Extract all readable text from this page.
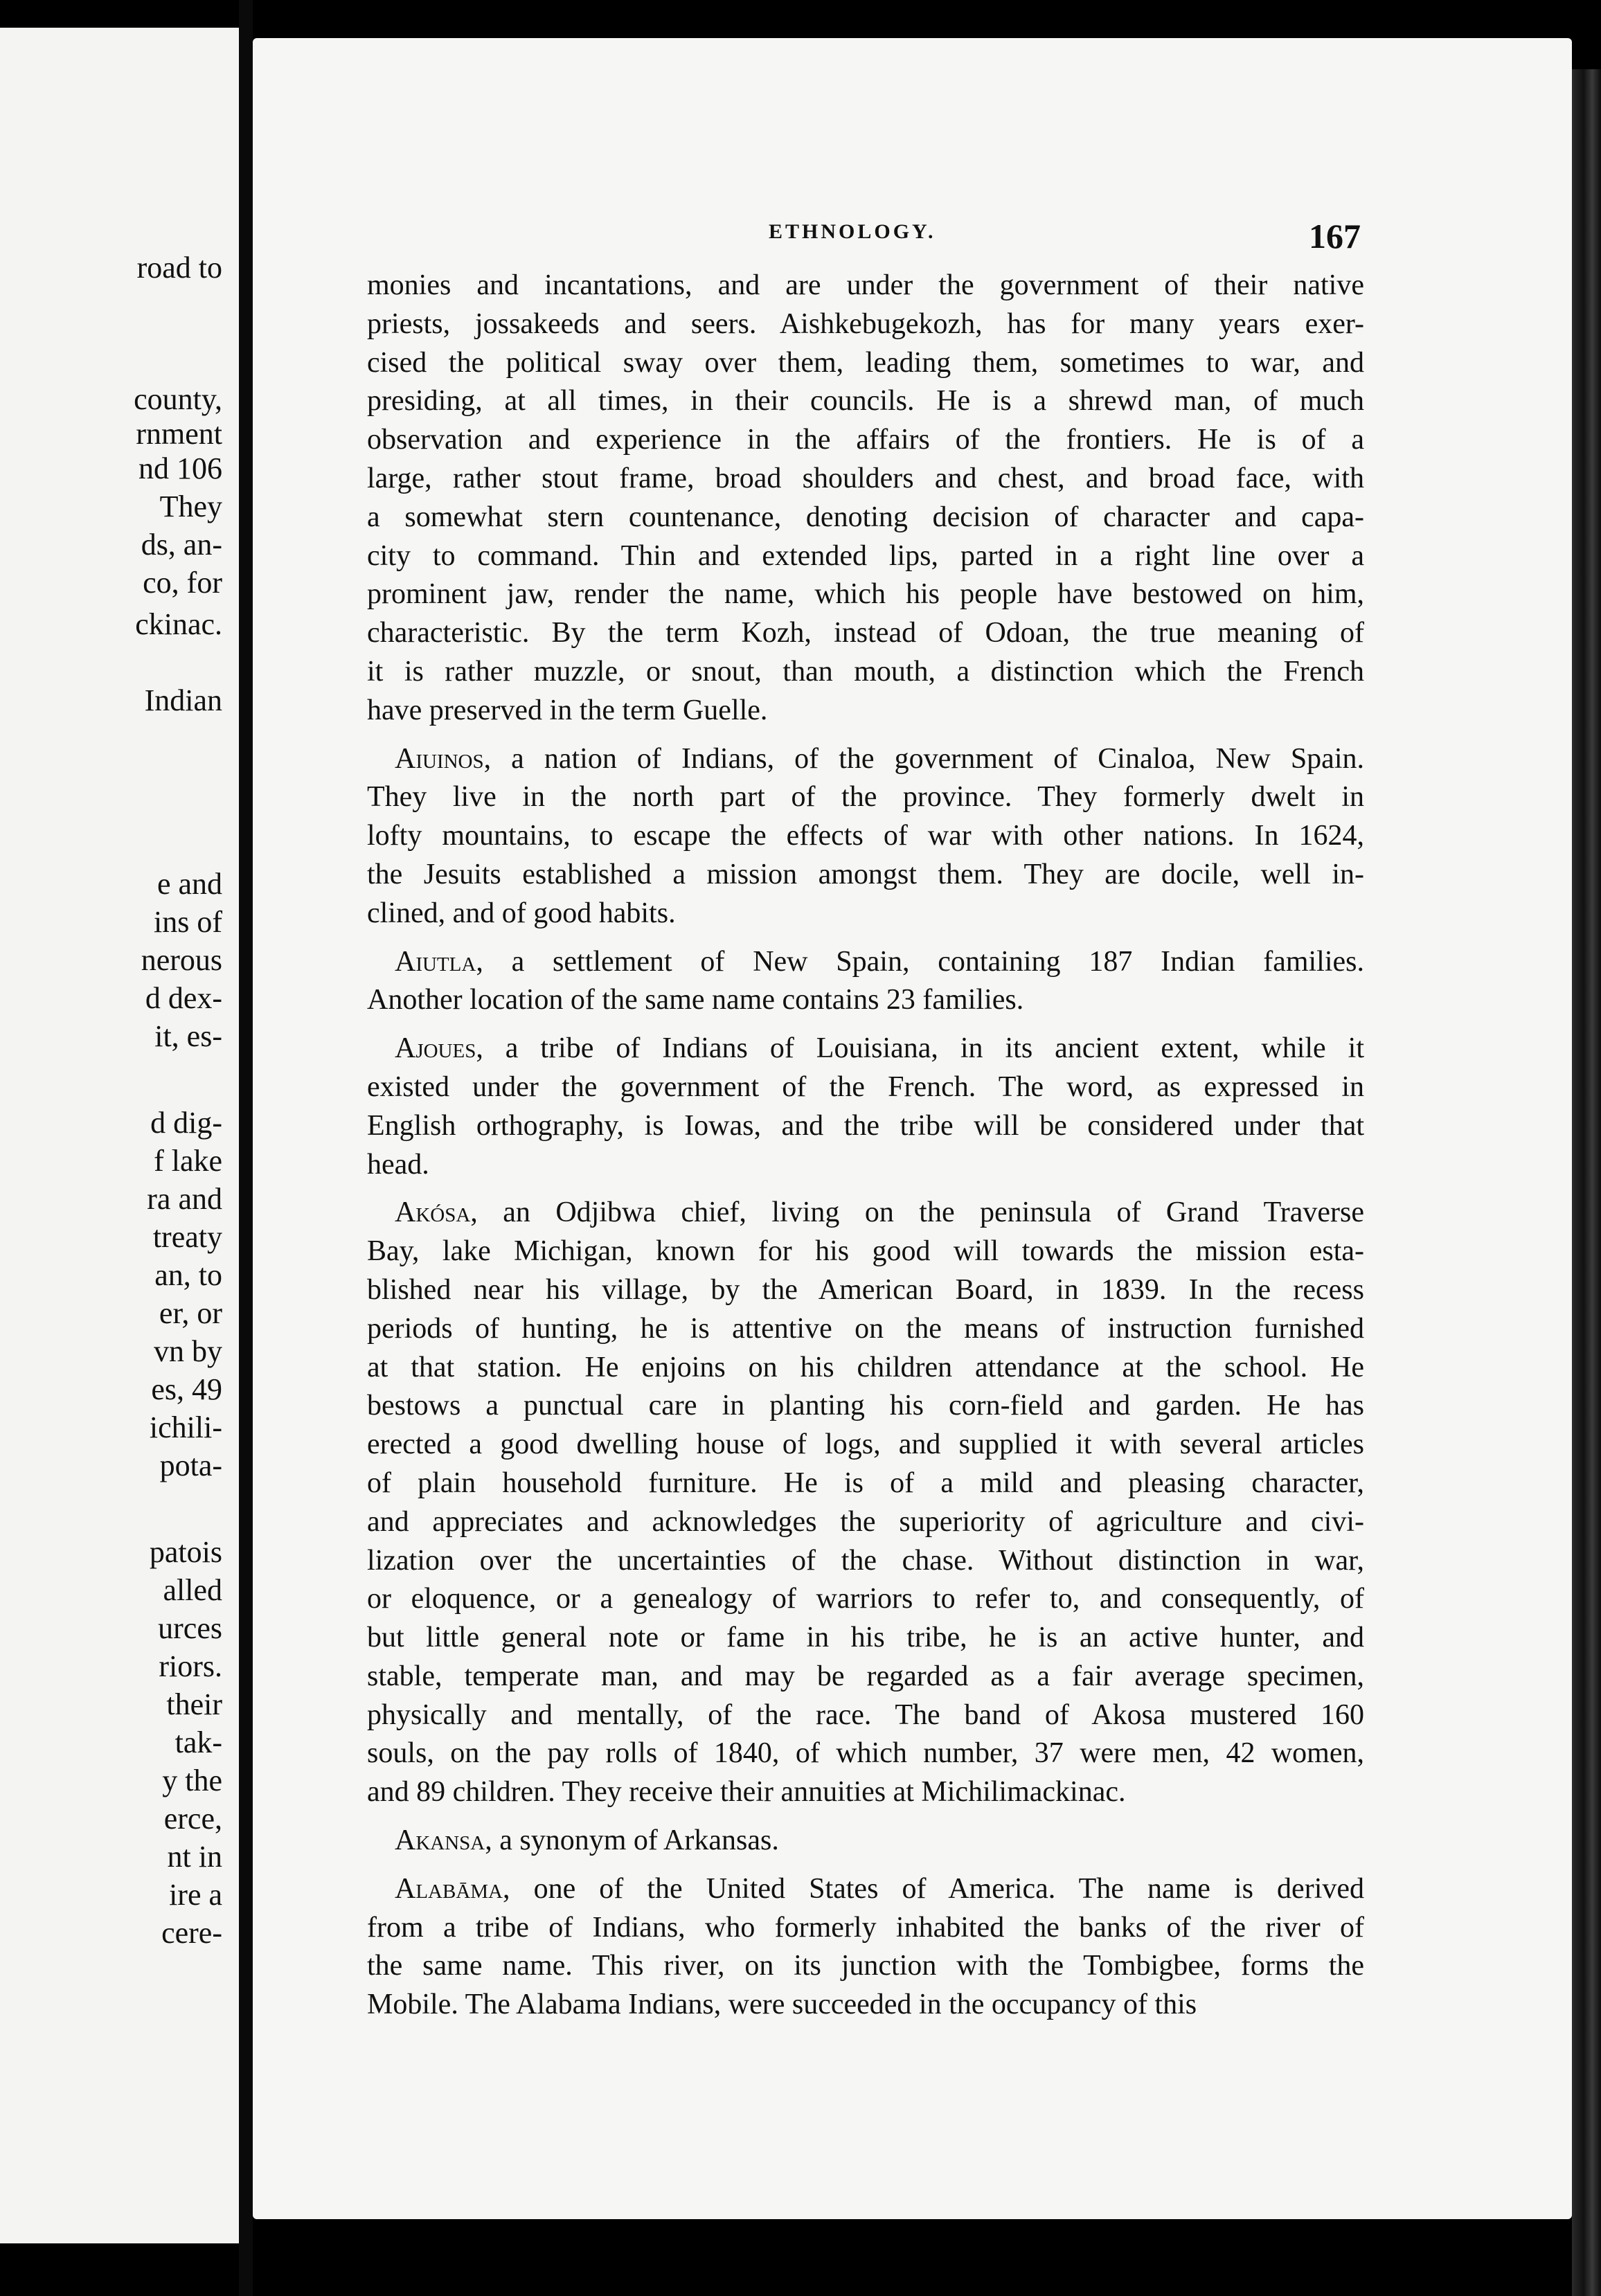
road to
county,
rnment
nd 106
They
ds, an-
co, for
ckinac.
Indian
e and
ins of
nerous
d dex-
it, es-
d dig-
f lake
ra and
treaty
an, to
er, or
vn by
es, 49
ichili-
pota-
patois
alled
urces
riors.
their
tak-
y the
erce,
nt in
ire a
cere-
ETHNOLOGY.	167
monies and incantations, and are under the government of their native
priests, jossakeeds and seers. Aishkebugekozh, has for many years exer-
cised the political sway over them, leading them, sometimes to war, and
presiding, at all times, in their councils. He is a shrewd man, of much
observation and experience in the affairs of the frontiers. He is of a
large, rather stout frame, broad shoulders and chest, and broad face, with
a somewhat stern countenance, denoting decision of character and capa-
city to command. Thin and extended lips, parted in a right line over a
prominent jaw, render the name, which his people have bestowed on him,
characteristic. By the term Kozh, instead of Odoan, the true meaning of
it is rather muzzle, or snout, than mouth, a distinction which the French
have preserved in the term Guelle.
Aiuinos, a nation of Indians, of the government of Cinaloa, New Spain.
They live in the north part of the province. They formerly dwelt in
lofty mountains, to escape the effects of war with other nations. In 1624,
the Jesuits established a mission amongst them. They are docile, well in-
clined, and of good habits.
Aiutla, a settlement of New Spain, containing 187 Indian families.
Another location of the same name contains 23 families.
Ajoues, a tribe of Indians of Louisiana, in its ancient extent, while it
existed under the government of the French. The word, as expressed in
English orthography, is Iowas, and the tribe will be considered under that
head.
Akósa, an Odjibwa chief, living on the peninsula of Grand Traverse
Bay, lake Michigan, known for his good will towards the mission esta-
blished near his village, by the American Board, in 1839. In the recess
periods of hunting, he is attentive on the means of instruction furnished
at that station. He enjoins on his children attendance at the school. He
bestows a punctual care in planting his corn-field and garden. He has
erected a good dwelling house of logs, and supplied it with several articles
of plain household furniture. He is of a mild and pleasing character,
and appreciates and acknowledges the superiority of agriculture and civi-
lization over the uncertainties of the chase. Without distinction in war,
or eloquence, or a genealogy of warriors to refer to, and consequently, of
but little general note or fame in his tribe, he is an active hunter, and
stable, temperate man, and may be regarded as a fair average specimen,
physically and mentally, of the race. The band of Akosa mustered 160
souls, on the pay rolls of 1840, of which number, 37 were men, 42 women,
and 89 children. They receive their annuities at Michilimackinac.
Akansa, a synonym of Arkansas.
Alabāma, one of the United States of America. The name is derived
from a tribe of Indians, who formerly inhabited the banks of the river of
the same name. This river, on its junction with the Tombigbee, forms the
Mobile. The Alabama Indians, were succeeded in the occupancy of this
